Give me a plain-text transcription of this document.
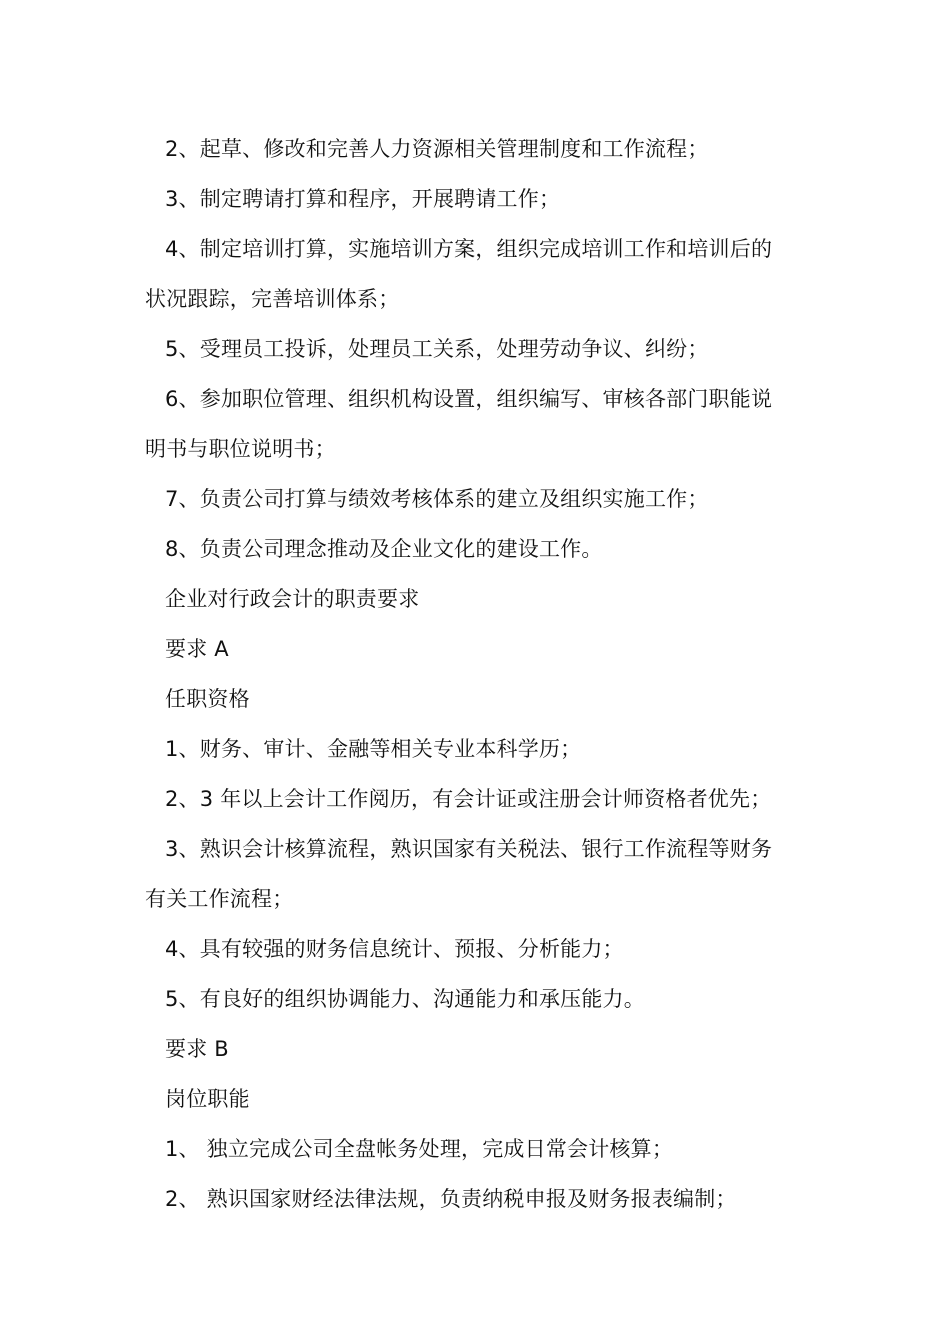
2、起草、修改和完善人力资源相关管理制度和工作流程；
3、制定聘请打算和程序，开展聘请工作；
4、制定培训打算，实施培训方案，组织完成培训工作和培训后的
状况跟踪，完善培训体系；
5、受理员工投诉，处理员工关系，处理劳动争议、纠纷；
6、参加职位管理、组织机构设置，组织编写、审核各部门职能说
明书与职位说明书；
7、负责公司打算与绩效考核体系的建立及组织实施工作；
8、负责公司理念推动及企业文化的建设工作。
企业对行政会计的职责要求
要求 A
任职资格
1、财务、审计、金融等相关专业本科学历；
2、3 年以上会计工作阅历，有会计证或注册会计师资格者优先；
3、熟识会计核算流程，熟识国家有关税法、银行工作流程等财务
有关工作流程；
4、具有较强的财务信息统计、预报、分析能力；
5、有良好的组织协调能力、沟通能力和承压能力。
要求 B
岗位职能
1、 独立完成公司全盘帐务处理，完成日常会计核算；
2、 熟识国家财经法律法规，负责纳税申报及财务报表编制；
